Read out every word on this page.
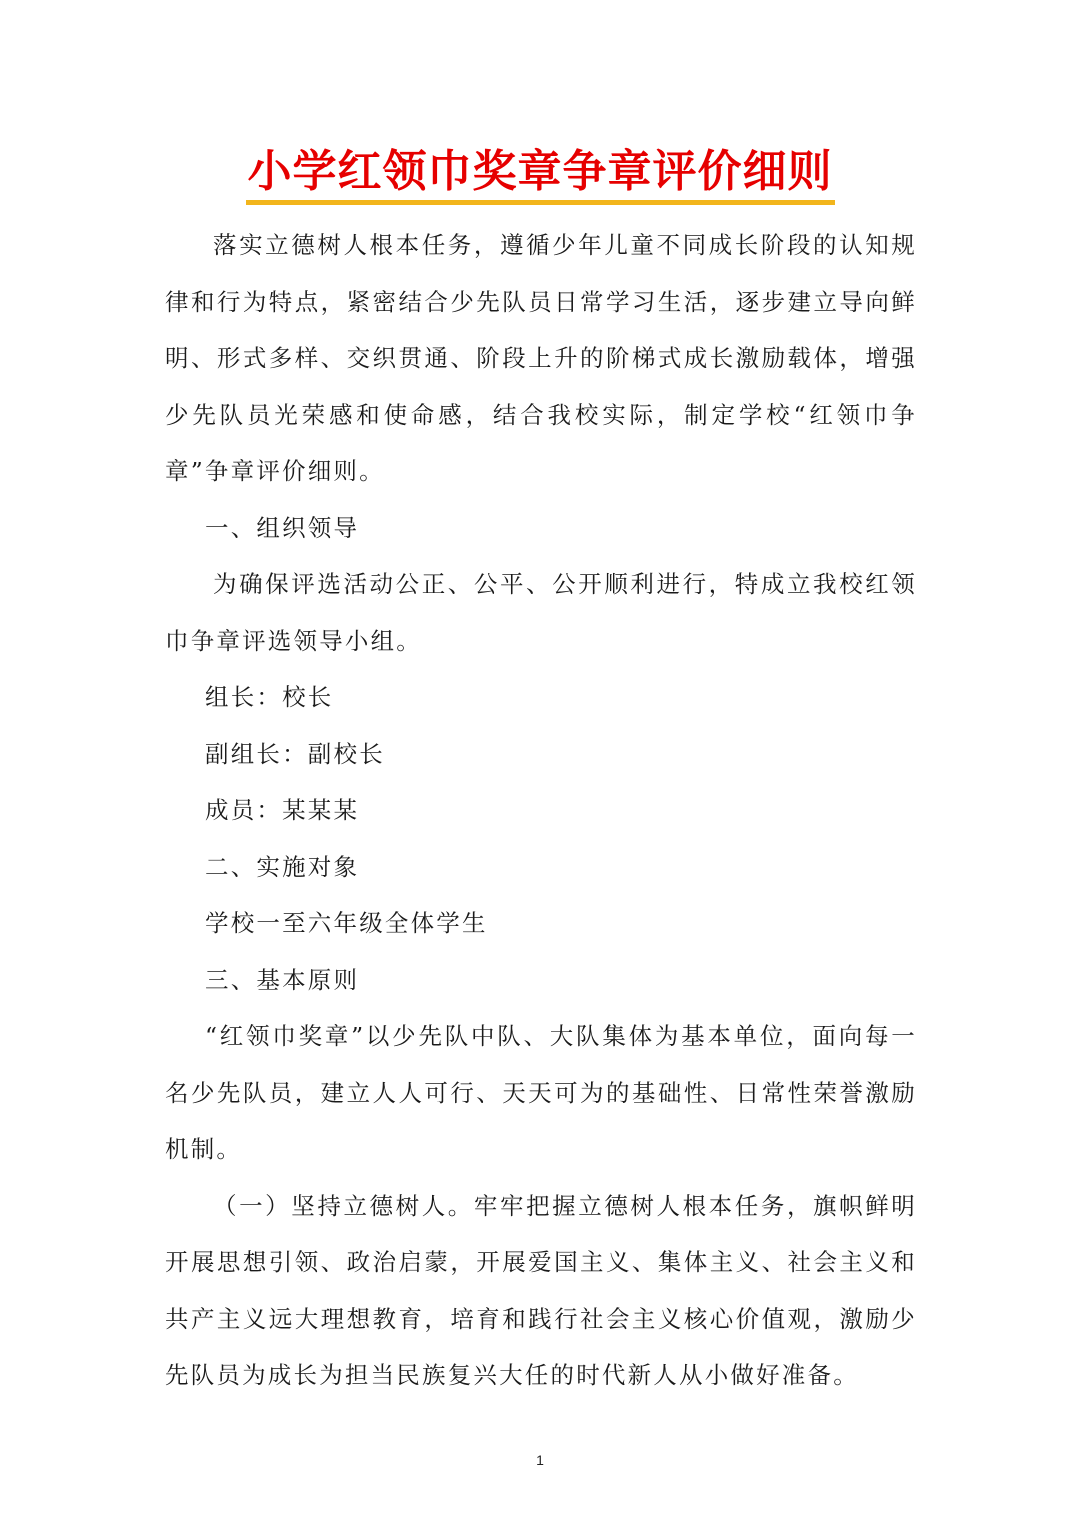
小学红领巾奖章争章评价细则

落实立德树人根本任务，遵循少年儿童不同成长阶段的认知规律和行为特点，紧密结合少先队员日常学习生活，逐步建立导向鲜明、形式多样、交织贯通、阶段上升的阶梯式成长激励载体，增强少先队员光荣感和使命感，结合我校实际，制定学校“红领巾争章”争章评价细则。

一、组织领导

为确保评选活动公正、公平、公开顺利进行，特成立我校红领巾争章评选领导小组。

组长：校长

副组长：副校长

成员：某某某

二、实施对象

学校一至六年级全体学生

三、基本原则

“红领巾奖章”以少先队中队、大队集体为基本单位，面向每一名少先队员，建立人人可行、天天可为的基础性、日常性荣誉激励机制。

（一）坚持立德树人。牢牢把握立德树人根本任务，旗帜鲜明开展思想引领、政治启蒙，开展爱国主义、集体主义、社会主义和共产主义远大理想教育，培育和践行社会主义核心价值观，激励少先队员为成长为担当民族复兴大任的时代新人从小做好准备。

1
